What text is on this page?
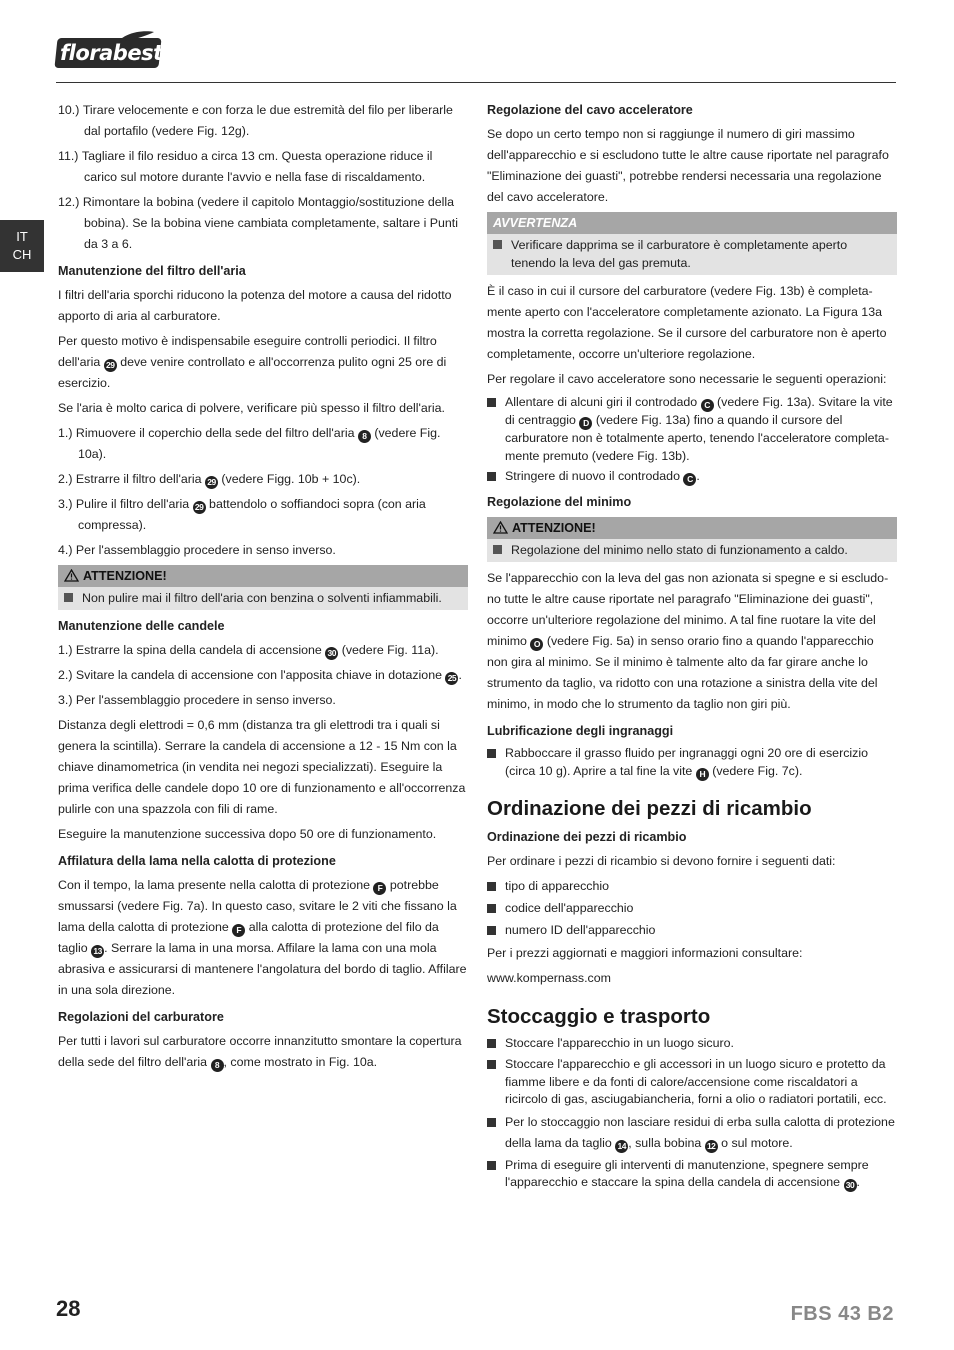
florabest
IT
CH
10.) Tirare velocemente e con forza le due estremità del filo per liberarle dal portafilo (vedere Fig. 12g).
11.) Tagliare il filo residuo a circa 13 cm. Questa operazione riduce il carico sul motore durante l'avvio e nella fase di riscaldamento.
12.) Rimontare la bobina (vedere il capitolo Montaggio/sostituzione della bobina). Se la bobina viene cambiata completamente, saltare i Punti da 3 a 6.
Manutenzione del filtro dell'aria
I filtri dell'aria sporchi riducono la potenza del motore a causa del ridotto apporto di aria al carburatore.
Per questo motivo è indispensabile eseguire controlli periodici. Il filtro dell'aria 29 deve venire controllato e all'occorrenza pulito ogni 25 ore di esercizio.
Se l'aria è molto carica di polvere, verificare più spesso il filtro dell'aria.
1.) Rimuovere il coperchio della sede del filtro dell'aria 8 (vedere Fig. 10a).
2.) Estrarre il filtro dell'aria 29 (vedere Figg. 10b + 10c).
3.) Pulire il filtro dell'aria 29 battendolo o soffiandoci sopra (con aria compressa).
4.) Per l'assemblaggio procedere in senso inverso.
ATTENZIONE!
Non pulire mai il filtro dell'aria con benzina o solventi infiammabili.
Manutenzione delle candele
1.) Estrarre la spina della candela di accensione 30 (vedere Fig. 11a).
2.) Svitare la candela di accensione con l'apposita chiave in dotazione 25 .
3.) Per l'assemblaggio procedere in senso inverso.
Distanza degli elettrodi = 0,6 mm (distanza tra gli elettrodi tra i quali si genera la scintilla). Serrare la candela di accensione a 12 - 15 Nm con la chiave dinamometrica (in vendita nei negozi specializzati). Eseguire la prima verifica delle candele dopo 10 ore di funzionamento e all'occorrenza pulirle con una spazzola con fili di rame.
Eseguire la manutenzione successiva dopo 50 ore di funzionamento.
Affilatura della lama nella calotta di protezione
Con il tempo, la lama presente nella calotta di protezione F potrebbe smussarsi (vedere Fig. 7a). In questo caso, svitare le 2 viti che fissano la lama della calotta di protezione F alla calotta di protezione del filo da taglio 13 . Serrare la lama in una morsa. Affilare la lama con una mola abrasiva e assicurarsi di mantenere l'angolatura del bordo di taglio. Affilare in una sola direzione.
Regolazioni del carburatore
Per tutti i lavori sul carburatore occorre innanzitutto smontare la copertura della sede del filtro dell'aria 8 , come mostrato in Fig. 10a.
Regolazione del cavo acceleratore
Se dopo un certo tempo non si raggiunge il numero di giri massimo dell'apparecchio e si escludono tutte le altre cause riportate nel paragrafo "Eliminazione dei guasti", potrebbe rendersi necessaria una regolazione del cavo acceleratore.
AVVERTENZA
Verificare dapprima se il carburatore è completamente aperto tenendo la leva del gas premuta.
È il caso in cui il cursore del carburatore (vedere Fig. 13b) è completa-mente aperto con l'acceleratore completamente azionato. La Figura 13a mostra la corretta regolazione. Se il cursore del carburatore non è aperto completamente, occorre un'ulteriore regolazione.
Per regolare il cavo acceleratore sono necessarie le seguenti operazioni:
Allentare di alcuni giri il controdado C (vedere Fig. 13a). Svitare la vite di centraggio D (vedere Fig. 13a) fino a quando il cursore del carburatore non è totalmente aperto, tenendo l'acceleratore completa-mente premuto (vedere Fig. 13b).
Stringere di nuovo il controdado C .
Regolazione del minimo
ATTENZIONE!
Regolazione del minimo nello stato di funzionamento a caldo.
Se l'apparecchio con la leva del gas non azionata si spegne e si escludo-no tutte le altre cause riportate nel paragrafo "Eliminazione dei guasti", occorre un'ulteriore regolazione del minimo. A tal fine ruotare la vite del minimo O (vedere Fig. 5a) in senso orario fino a quando l'apparecchio non gira al minimo. Se il minimo è talmente alto da far girare anche lo strumento da taglio, va ridotto con una rotazione a sinistra della vite del minimo, in modo che lo strumento da taglio non giri più.
Lubrificazione degli ingranaggi
Rabboccare il grasso fluido per ingranaggi ogni 20 ore di esercizio (circa 10 g). Aprire a tal fine la vite H (vedere Fig. 7c).
Ordinazione dei pezzi di ricambio
Ordinazione dei pezzi di ricambio
Per ordinare i pezzi di ricambio si devono fornire i seguenti dati:
tipo di apparecchio
codice dell'apparecchio
numero ID dell'apparecchio
Per i prezzi aggiornati e maggiori informazioni consultare:
www.kompernass.com
Stoccaggio e trasporto
Stoccare l'apparecchio in un luogo sicuro.
Stoccare l'apparecchio e gli accessori in un luogo sicuro e protetto da fiamme libere e da fonti di calore/accensione come riscaldatori a ricircolo di gas, asciugabiancheria, forni a olio o radiatori portatili, ecc.
Per lo stoccaggio non lasciare residui di erba sulla calotta di protezione della lama da taglio 14 , sulla bobina 12 o sul motore.
Prima di eseguire gli interventi di manutenzione, spegnere sempre l'apparecchio e staccare la spina della candela di accensione 30 .
28	FBS 43 B2
